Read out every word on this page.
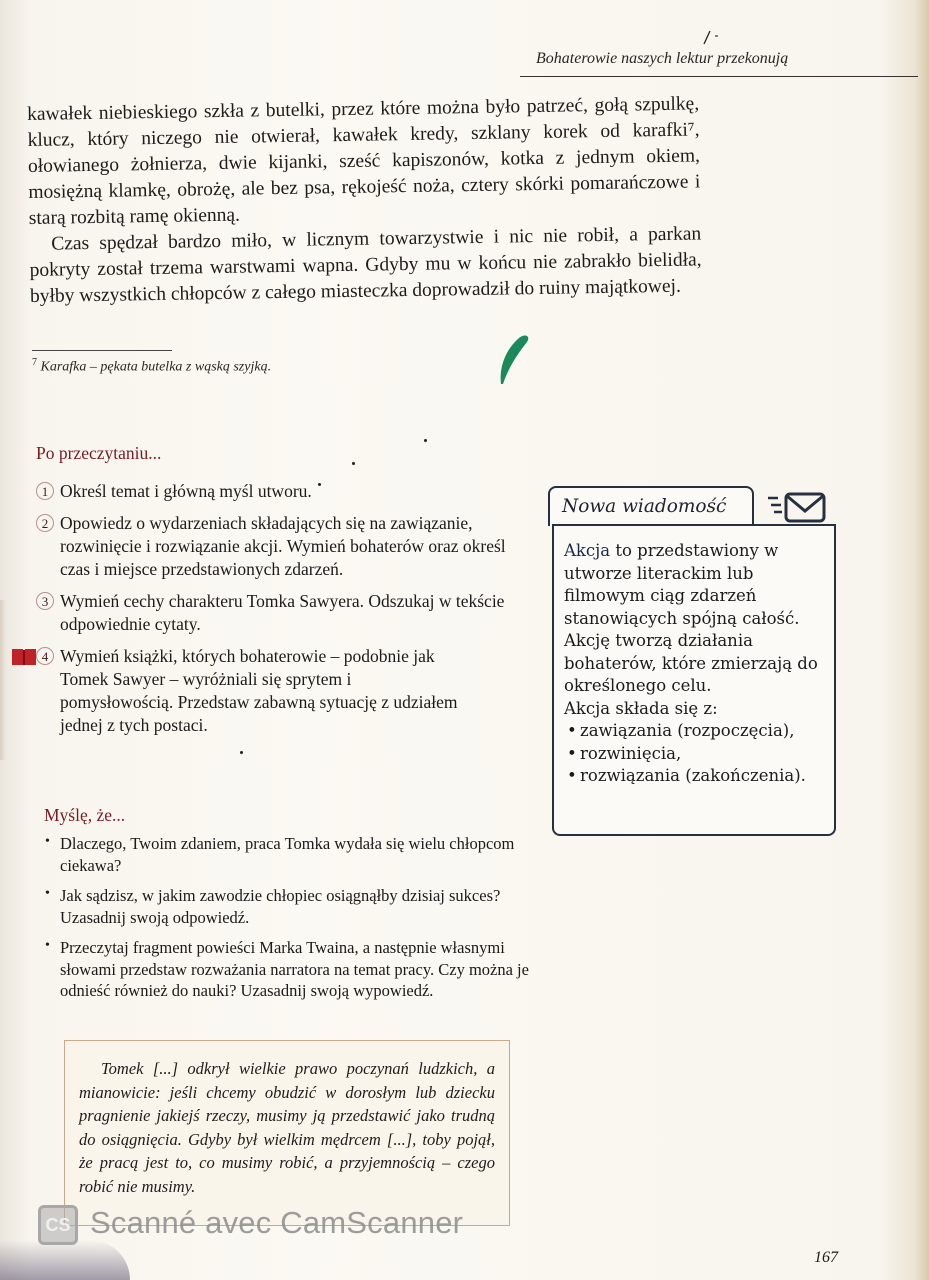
Bohaterowie naszych lektur przekonują

kawałek niebieskiego szkła z butelki, przez które można było patrzeć, gołą szpulkę, klucz, który niczego nie otwierał, kawałek kredy, szklany korek od karafki⁷, ołowianego żołnierza, dwie kijanki, sześć kapiszonów, kotka z jednym okiem, mosiężną klamkę, obrożę, ale bez psa, rękojeść noża, cztery skórki pomarańczowe i starą rozbitą ramę okienną.

Czas spędzał bardzo miło, w licznym towarzystwie i nic nie robił, a parkan pokryty został trzema warstwami wapna. Gdyby mu w końcu nie zabrakło bielidła, byłby wszystkich chłopców z całego miasteczka doprowadził do ruiny majątkowej.

$^7$ Karafka – pękata butelka z wąską szyjką.
Po przeczytaniu...
1 Określ temat i główną myśl utworu.
2 Opowiedz o wydarzeniach składających się na zawiązanie, rozwinięcie i rozwiązanie akcji. Wymień bohaterów oraz określ czas i miejsce przedstawionych zdarzeń.
3 Wymień cechy charakteru Tomka Sawyera. Odszukaj w tekście odpowiednie cytaty.
4 Wymień książki, których bohaterowie – podobnie jak Tomek Sawyer – wyróżniali się sprytem i pomysłowością. Przedstaw zabawną sytuację z udziałem jednej z tych postaci.
Myślę, że...
• Dlaczego, Twoim zdaniem, praca Tomka wydała się wielu chłopcom ciekawa?
• Jak sądzisz, w jakim zawodzie chłopiec osiągnąłby dzisiaj sukces? Uzasadnij swoją odpowiedź.
• Przeczytaj fragment powieści Marka Twaina, a następnie własnymi słowami przedstaw rozważania narratora na temat pracy. Czy można je odnieść również do nauki? Uzasadnij swoją wypowiedź.

Tomek [...] odkrył wielkie prawo poczynań ludzkich, a mianowicie: jeśli chcemy obudzić w dorosłym lub dziecku pragnienie jakiejś rzeczy, musimy ją przedstawić jako trudną do osiągnięcia. Gdyby był wielkim mędrcem [...], toby pojął, że pracą jest to, co musimy robić, a przyjemnością – czego robić nie musimy.

Nowa wiadomość
Akcja to przedstawiony w utworze literackim lub filmowym ciąg zdarzeń stanowiących spójną całość. Akcję tworzą działania bohaterów, które zmierzają do określonego celu.
Akcja składa się z:
• zawiązania (rozpoczęcia),
• rozwinięcia,
• rozwiązania (zakończenia).
CS Scanné avec CamScanner
167
